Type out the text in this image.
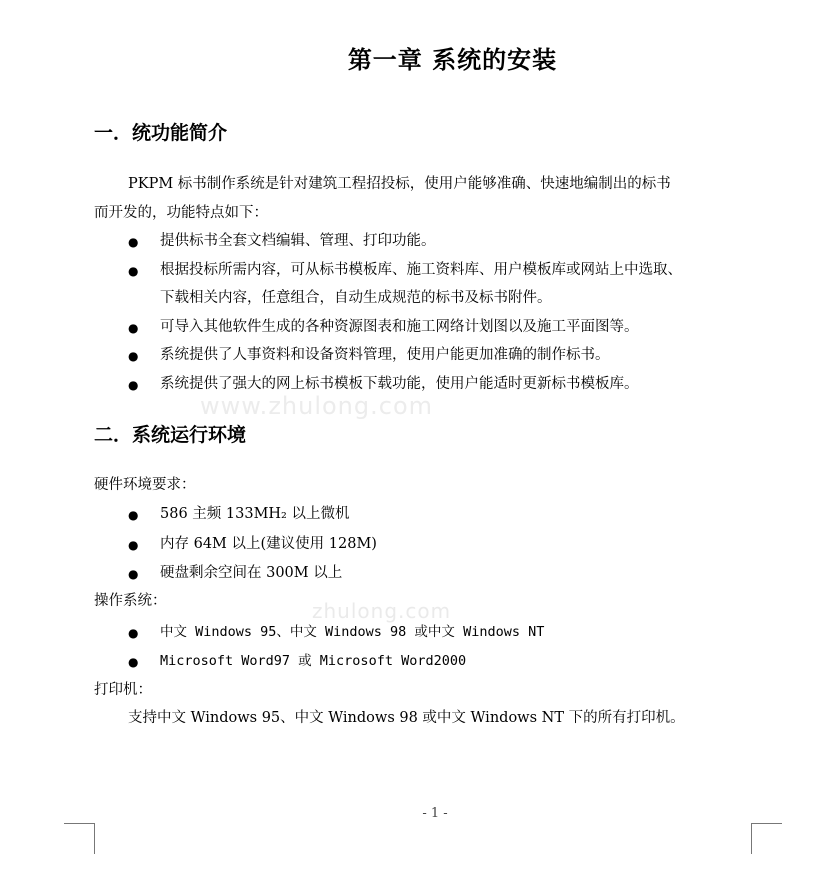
www.zhulong.com
zhulong.com
第一章 系统的安装
一．统功能简介
PKPM 标书制作系统是针对建筑工程招投标，使用户能够准确、快速地编制出的标书
而开发的，功能特点如下：
● 提供标书全套文档编辑、管理、打印功能。
● 根据投标所需内容，可从标书模板库、施工资料库、用户模板库或网站上中选取、
下载相关内容，任意组合，自动生成规范的标书及标书附件。
● 可导入其他软件生成的各种资源图表和施工网络计划图以及施工平面图等。
● 系统提供了人事资料和设备资料管理，使用户能更加准确的制作标书。
● 系统提供了强大的网上标书模板下载功能，使用户能适时更新标书模板库。
二．系统运行环境
硬件环境要求：
● 586 主频 133MH₂ 以上微机
● 内存 64M 以上(建议使用 128M)
● 硬盘剩余空间在 300M 以上
操作系统：
● 中文 Windows 95、中文 Windows 98 或中文 Windows NT
● Microsoft Word97 或 Microsoft Word2000
打印机：
支持中文 Windows 95、中文 Windows 98 或中文 Windows NT 下的所有打印机。
- 1 -
